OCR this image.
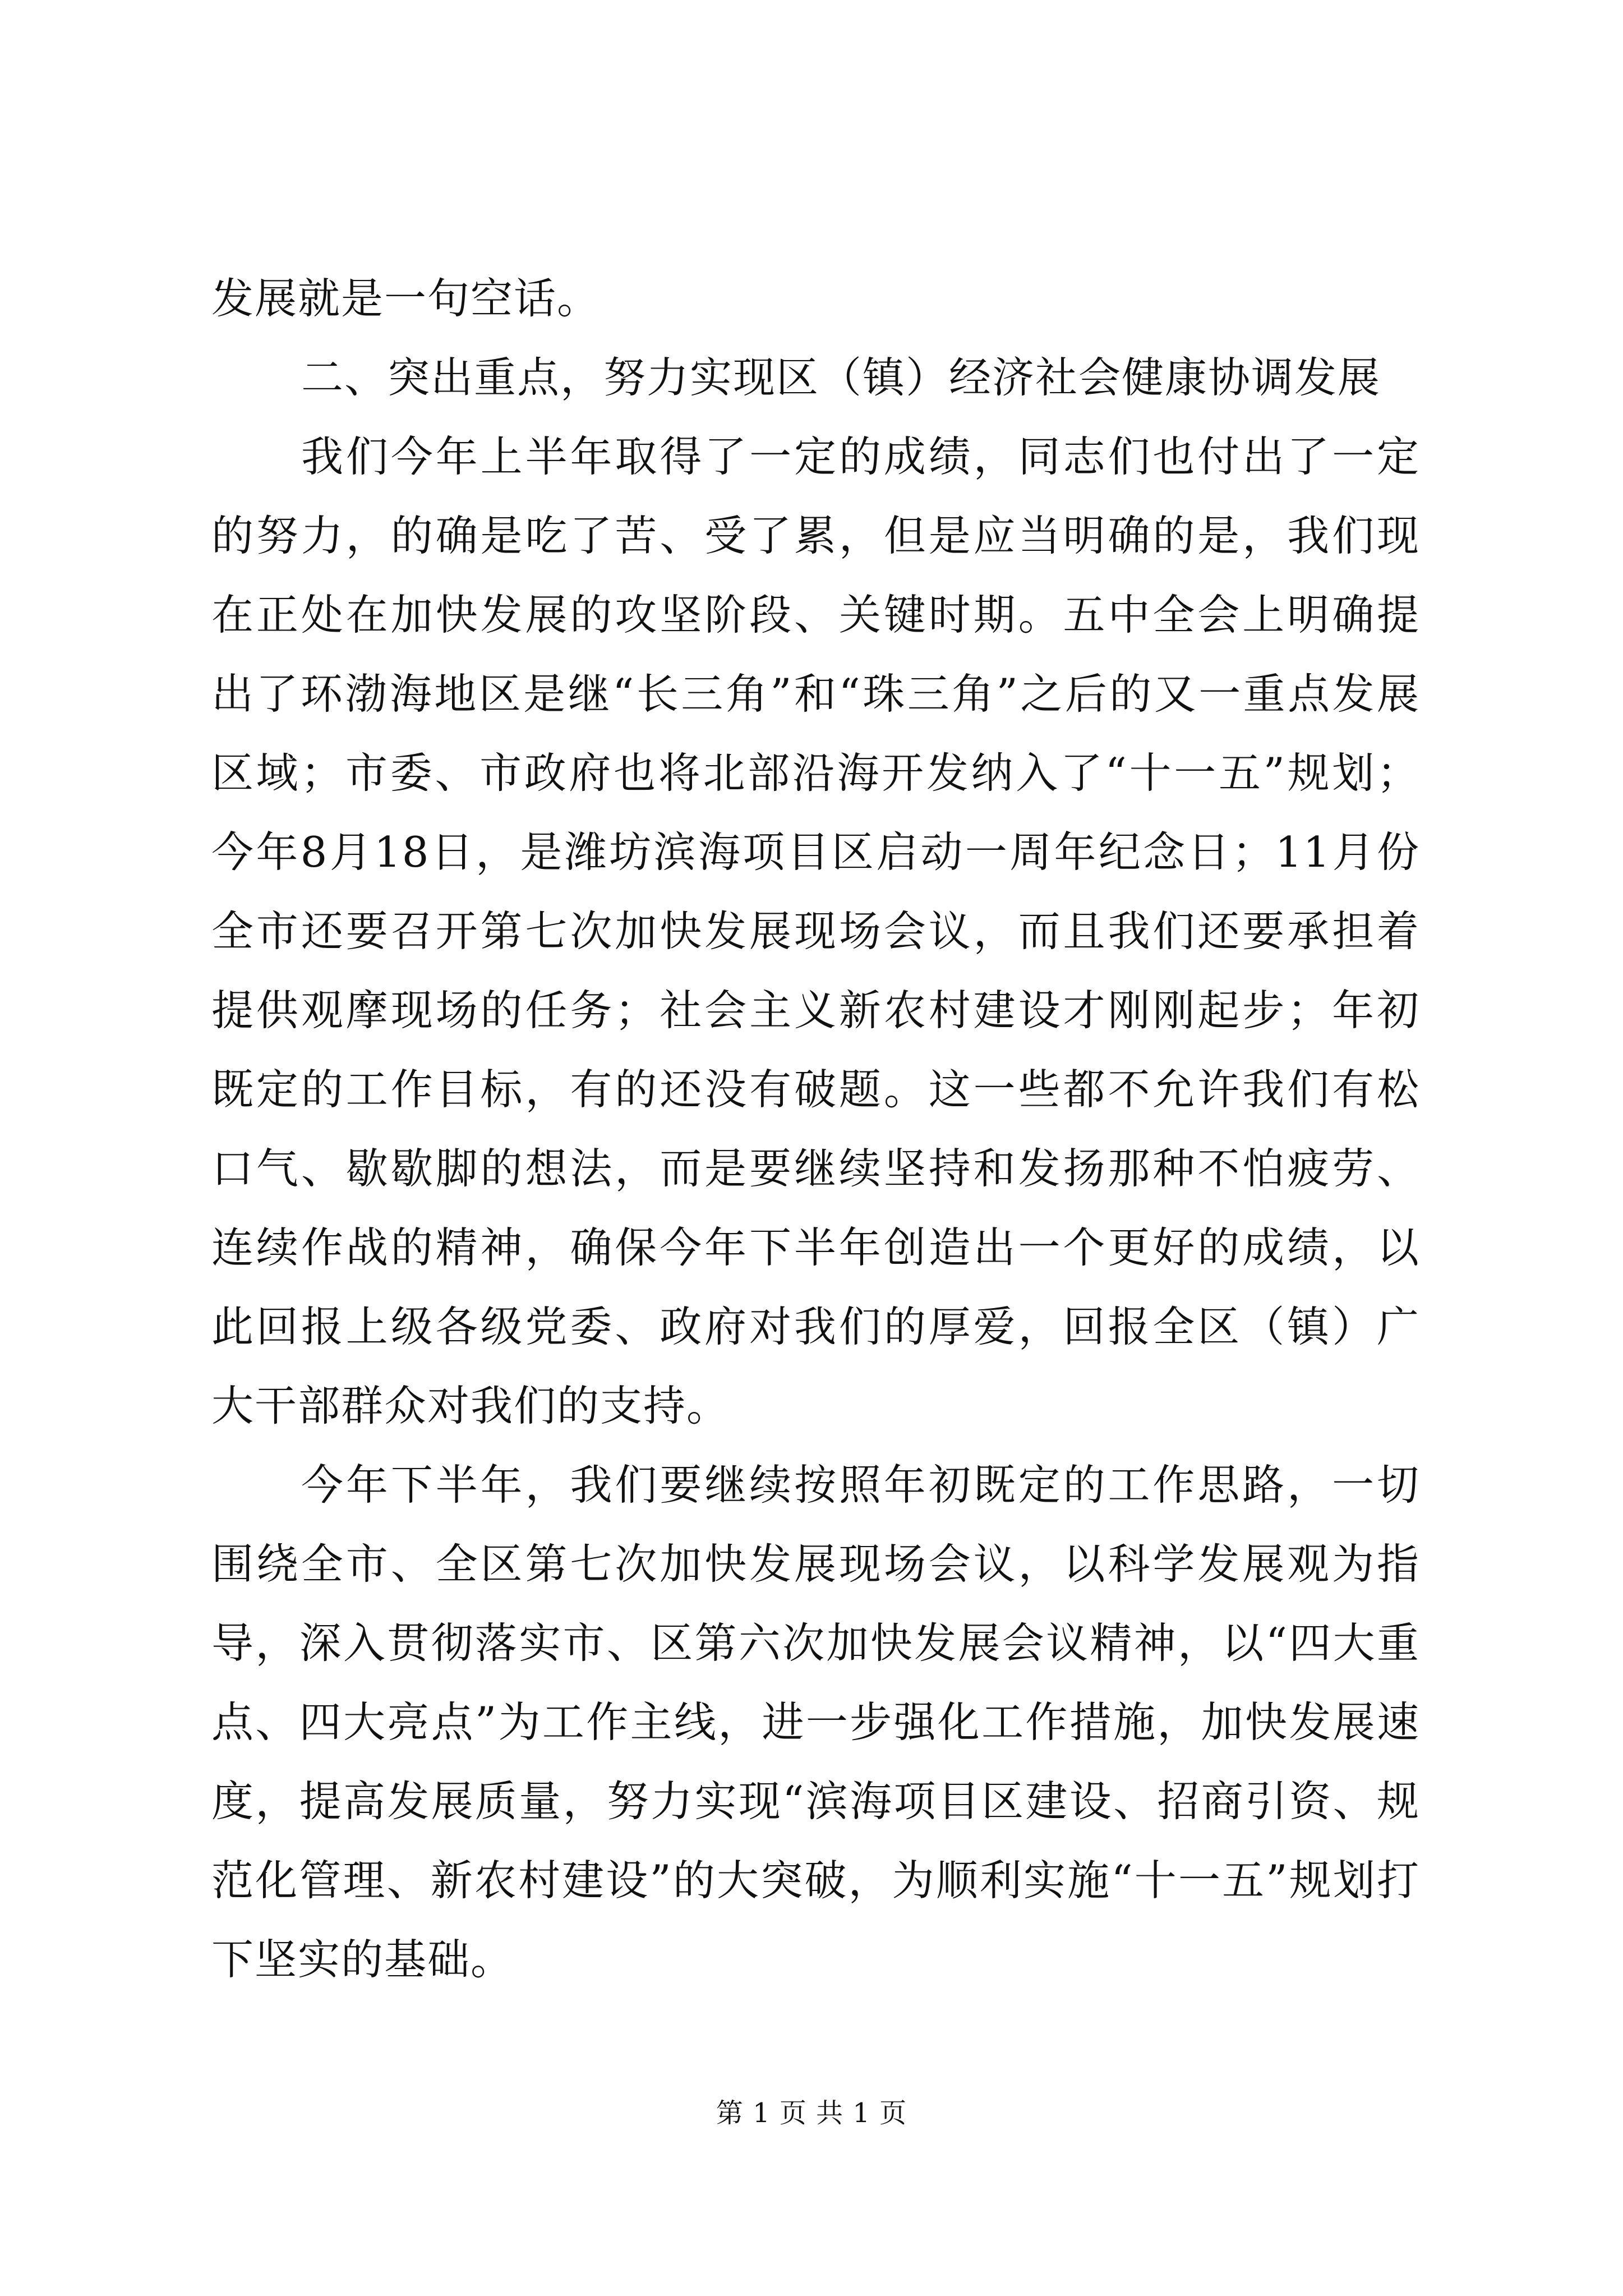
发展就是一句空话。

二、突出重点，努力实现区（镇）经济社会健康协调发展

我们今年上半年取得了一定的成绩，同志们也付出了一定的努力，的确是吃了苦、受了累，但是应当明确的是，我们现在正处在加快发展的攻坚阶段、关键时期。五中全会上明确提出了环渤海地区是继“长三角”和“珠三角”之后的又一重点发展区域；市委、市政府也将北部沿海开发纳入了“十一五”规划；今年8月18日，是潍坊滨海项目区启动一周年纪念日；11月份全市还要召开第七次加快发展现场会议，而且我们还要承担着提供观摩现场的任务；社会主义新农村建设才刚刚起步；年初既定的工作目标，有的还没有破题。这一些都不允许我们有松口气、歇歇脚的想法，而是要继续坚持和发扬那种不怕疲劳、连续作战的精神，确保今年下半年创造出一个更好的成绩，以此回报上级各级党委、政府对我们的厚爱，回报全区（镇）广大干部群众对我们的支持。

今年下半年，我们要继续按照年初既定的工作思路，一切围绕全市、全区第七次加快发展现场会议，以科学发展观为指导，深入贯彻落实市、区第六次加快发展会议精神，以“四大重点、四大亮点”为工作主线，进一步强化工作措施，加快发展速度，提高发展质量，努力实现“滨海项目区建设、招商引资、规范化管理、新农村建设”的大突破，为顺利实施“十一五”规划打下坚实的基础。

第 1 页 共 1 页
